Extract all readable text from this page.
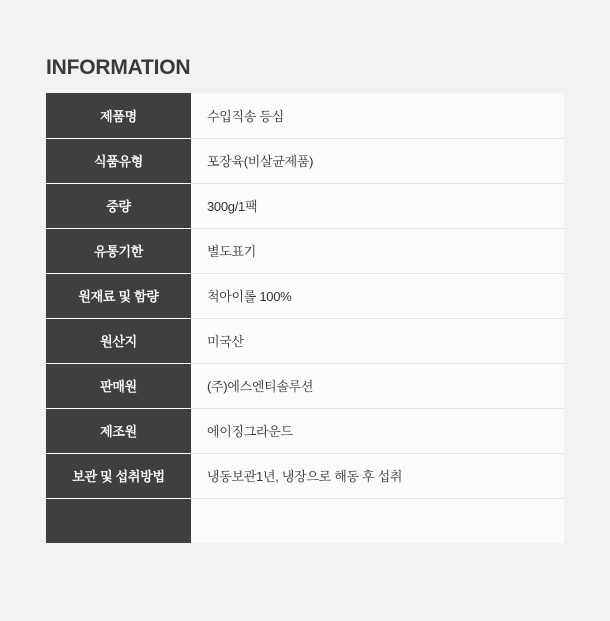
INFORMATION
제품명	수입직송 등심
식품유형	포장육(비살균제품)
중량	300g/1팩
유통기한	별도표기
원재료 및 함량	척아이롤 100%
원산지	미국산
판매원	(주)에스엔티솔루션
제조원	에이징그라운드
보관 및 섭취방법	냉동보관1년, 냉장으로 해동 후 섭취
